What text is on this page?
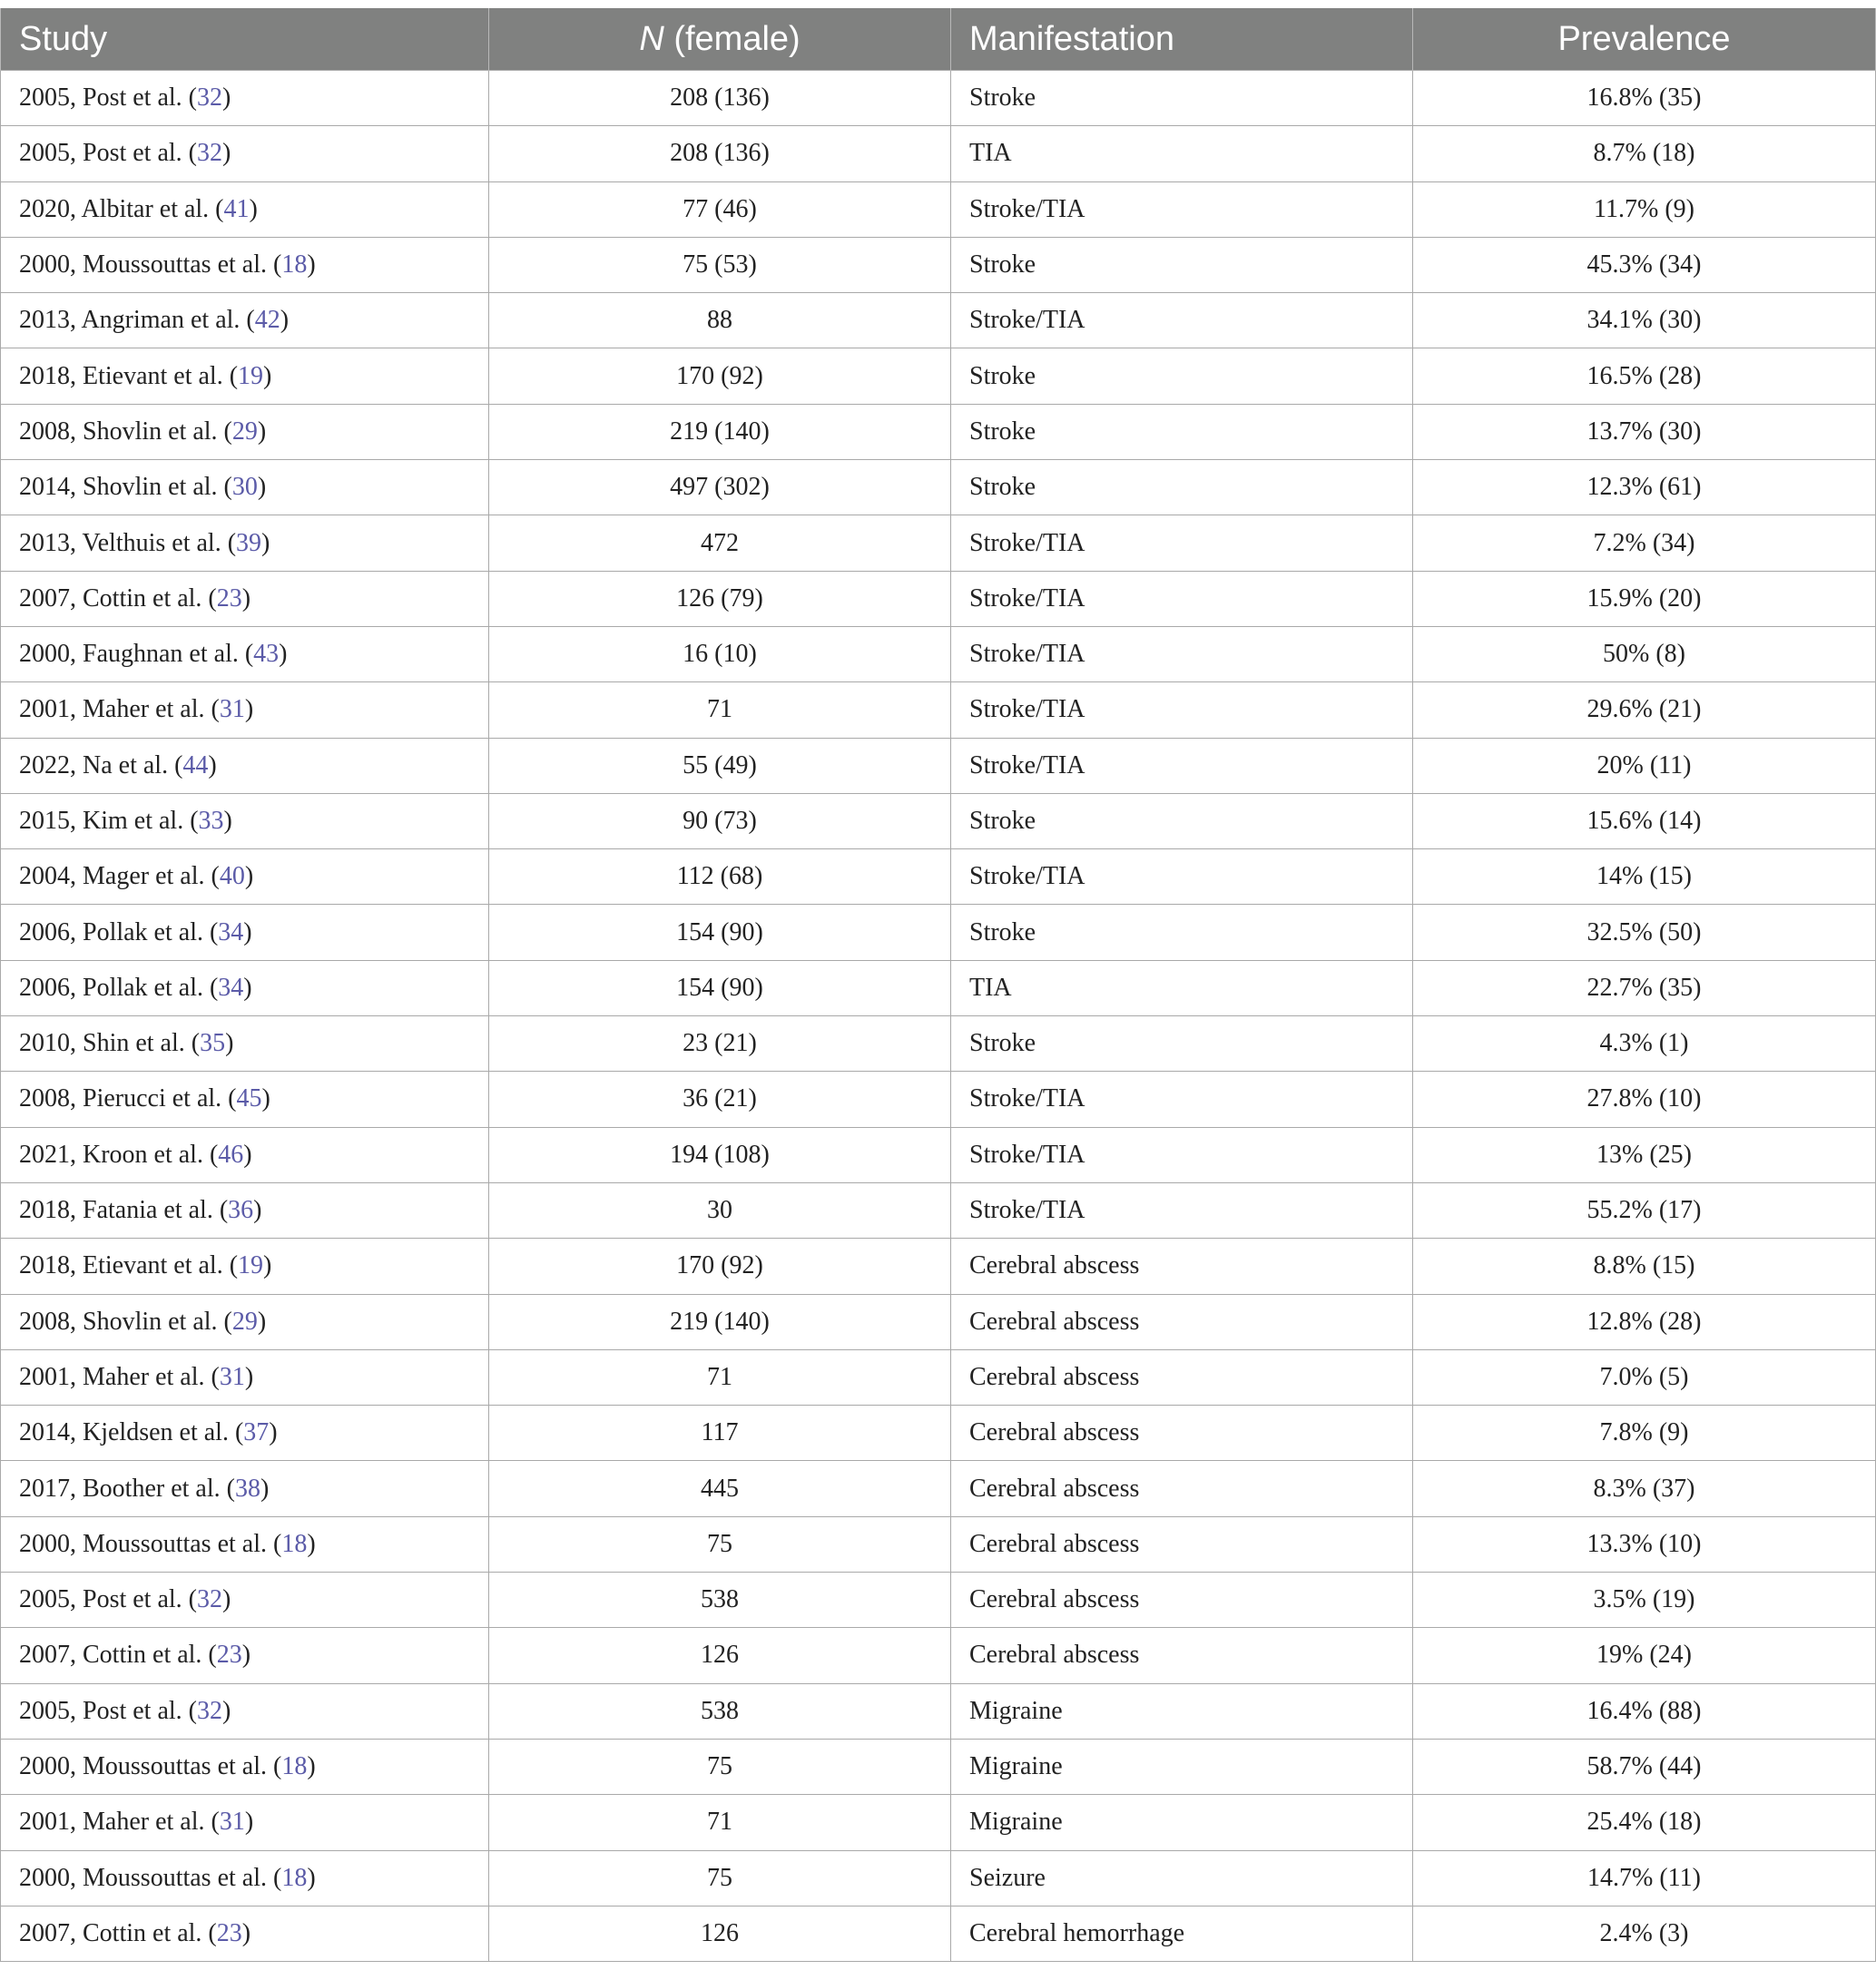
Study	N (female)	Manifestation	Prevalence
2005, Post et al. (32)	208 (136)	Stroke	16.8% (35)
2005, Post et al. (32)	208 (136)	TIA	8.7% (18)
2020, Albitar et al. (41)	77 (46)	Stroke/TIA	11.7% (9)
2000, Moussouttas et al. (18)	75 (53)	Stroke	45.3% (34)
2013, Angriman et al. (42)	88	Stroke/TIA	34.1% (30)
2018, Etievant et al. (19)	170 (92)	Stroke	16.5% (28)
2008, Shovlin et al. (29)	219 (140)	Stroke	13.7% (30)
2014, Shovlin et al. (30)	497 (302)	Stroke	12.3% (61)
2013, Velthuis et al. (39)	472	Stroke/TIA	7.2% (34)
2007, Cottin et al. (23)	126 (79)	Stroke/TIA	15.9% (20)
2000, Faughnan et al. (43)	16 (10)	Stroke/TIA	50% (8)
2001, Maher et al. (31)	71	Stroke/TIA	29.6% (21)
2022, Na et al. (44)	55 (49)	Stroke/TIA	20% (11)
2015, Kim et al. (33)	90 (73)	Stroke	15.6% (14)
2004, Mager et al. (40)	112 (68)	Stroke/TIA	14% (15)
2006, Pollak et al. (34)	154 (90)	Stroke	32.5% (50)
2006, Pollak et al. (34)	154 (90)	TIA	22.7% (35)
2010, Shin et al. (35)	23 (21)	Stroke	4.3% (1)
2008, Pierucci et al. (45)	36 (21)	Stroke/TIA	27.8% (10)
2021, Kroon et al. (46)	194 (108)	Stroke/TIA	13% (25)
2018, Fatania et al. (36)	30	Stroke/TIA	55.2% (17)
2018, Etievant et al. (19)	170 (92)	Cerebral abscess	8.8% (15)
2008, Shovlin et al. (29)	219 (140)	Cerebral abscess	12.8% (28)
2001, Maher et al. (31)	71	Cerebral abscess	7.0% (5)
2014, Kjeldsen et al. (37)	117	Cerebral abscess	7.8% (9)
2017, Boother et al. (38)	445	Cerebral abscess	8.3% (37)
2000, Moussouttas et al. (18)	75	Cerebral abscess	13.3% (10)
2005, Post et al. (32)	538	Cerebral abscess	3.5% (19)
2007, Cottin et al. (23)	126	Cerebral abscess	19% (24)
2005, Post et al. (32)	538	Migraine	16.4% (88)
2000, Moussouttas et al. (18)	75	Migraine	58.7% (44)
2001, Maher et al. (31)	71	Migraine	25.4% (18)
2000, Moussouttas et al. (18)	75	Seizure	14.7% (11)
2007, Cottin et al. (23)	126	Cerebral hemorrhage	2.4% (3)
